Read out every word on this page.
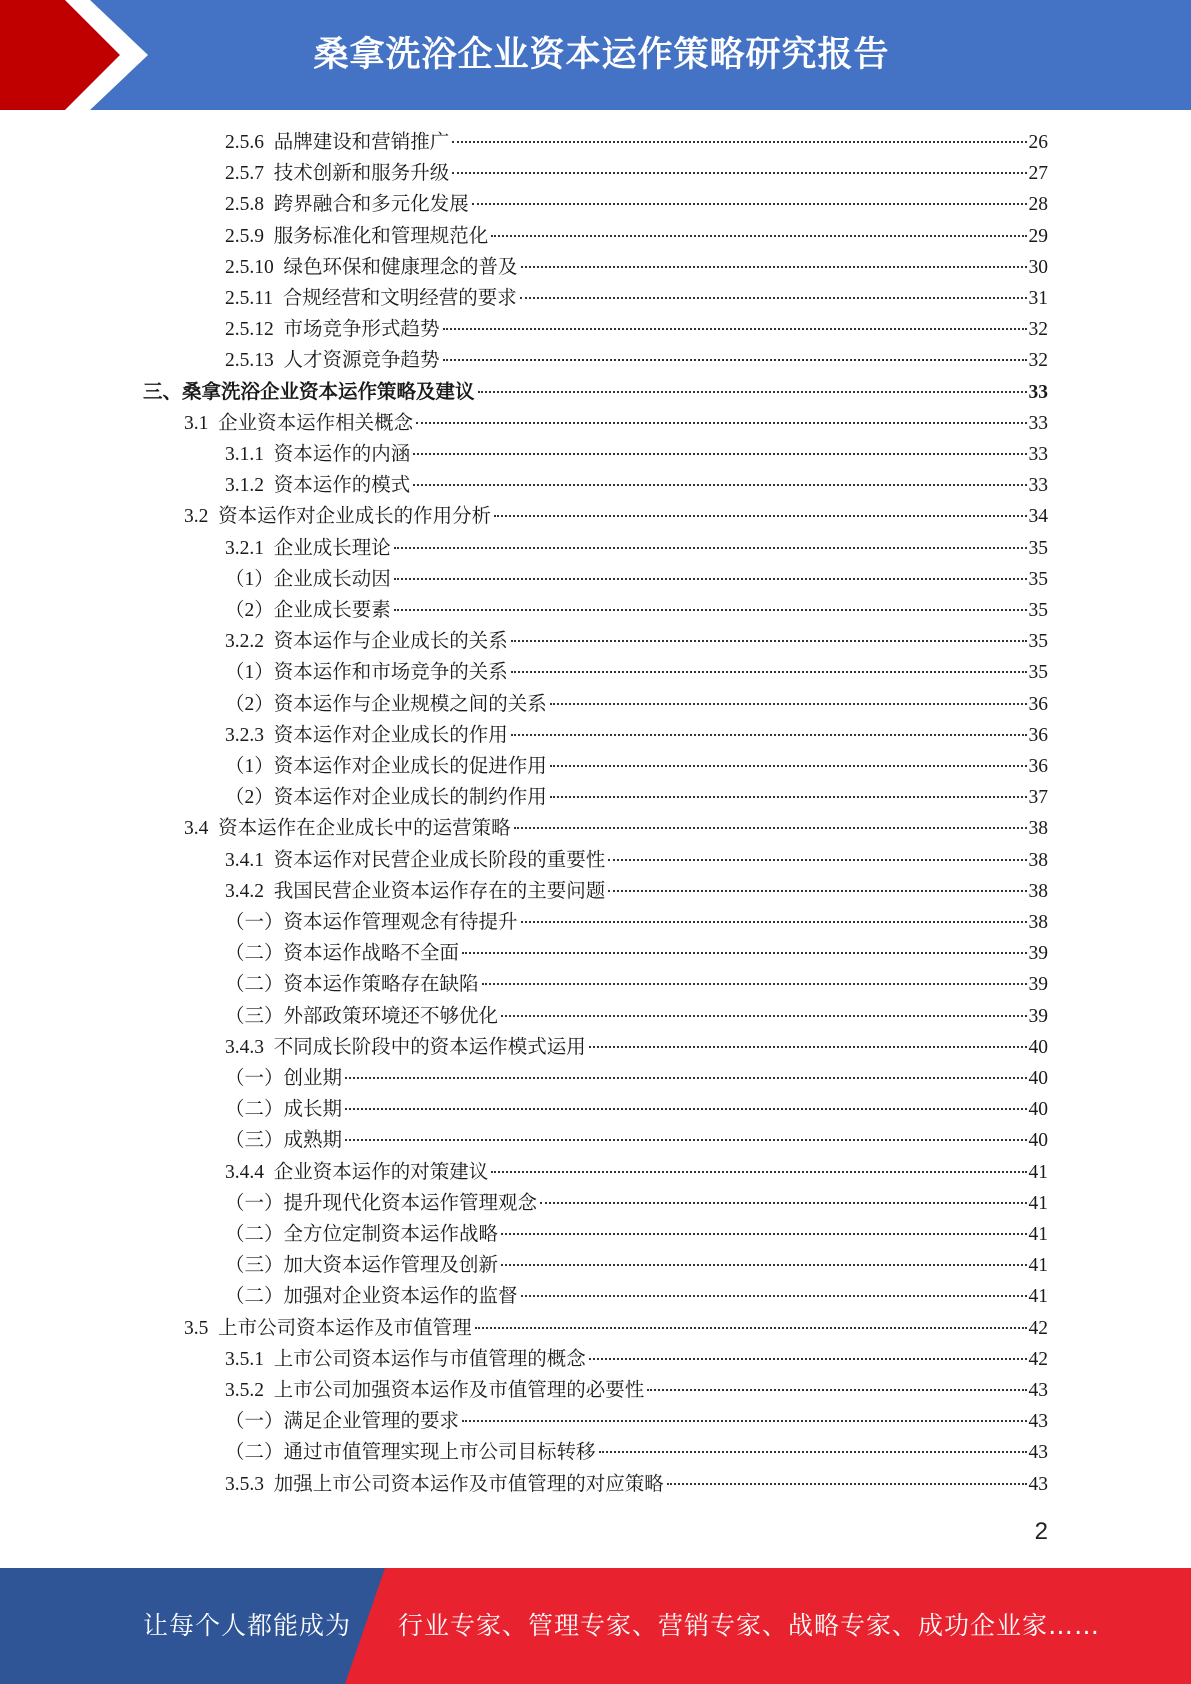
桑拿洗浴企业资本运作策略研究报告
2.5.6 品牌建设和营销推广	26
2.5.7 技术创新和服务升级	27
2.5.8 跨界融合和多元化发展	28
2.5.9 服务标准化和管理规范化	29
2.5.10 绿色环保和健康理念的普及	30
2.5.11 合规经营和文明经营的要求	31
2.5.12 市场竞争形式趋势	32
2.5.13 人才资源竞争趋势	32
三、桑拿洗浴企业资本运作策略及建议	33
3.1 企业资本运作相关概念	33
3.1.1 资本运作的内涵	33
3.1.2 资本运作的模式	33
3.2 资本运作对企业成长的作用分析	34
3.2.1 企业成长理论	35
（1）企业成长动因	35
（2）企业成长要素	35
3.2.2 资本运作与企业成长的关系	35
（1）资本运作和市场竞争的关系	35
（2）资本运作与企业规模之间的关系	36
3.2.3 资本运作对企业成长的作用	36
（1）资本运作对企业成长的促进作用	36
（2）资本运作对企业成长的制约作用	37
3.4 资本运作在企业成长中的运营策略	38
3.4.1 资本运作对民营企业成长阶段的重要性	38
3.4.2 我国民营企业资本运作存在的主要问题	38
（一）资本运作管理观念有待提升	38
（二）资本运作战略不全面	39
（二）资本运作策略存在缺陷	39
（三）外部政策环境还不够优化	39
3.4.3 不同成长阶段中的资本运作模式运用	40
（一）创业期	40
（二）成长期	40
（三）成熟期	40
3.4.4 企业资本运作的对策建议	41
（一）提升现代化资本运作管理观念	41
（二）全方位定制资本运作战略	41
（三）加大资本运作管理及创新	41
（二）加强对企业资本运作的监督	41
3.5 上市公司资本运作及市值管理	42
3.5.1 上市公司资本运作与市值管理的概念	42
3.5.2 上市公司加强资本运作及市值管理的必要性	43
（一）满足企业管理的要求	43
（二）通过市值管理实现上市公司目标转移	43
3.5.3 加强上市公司资本运作及市值管理的对应策略	43
2
让每个人都能成为 行业专家、管理专家、营销专家、战略专家、成功企业家……
